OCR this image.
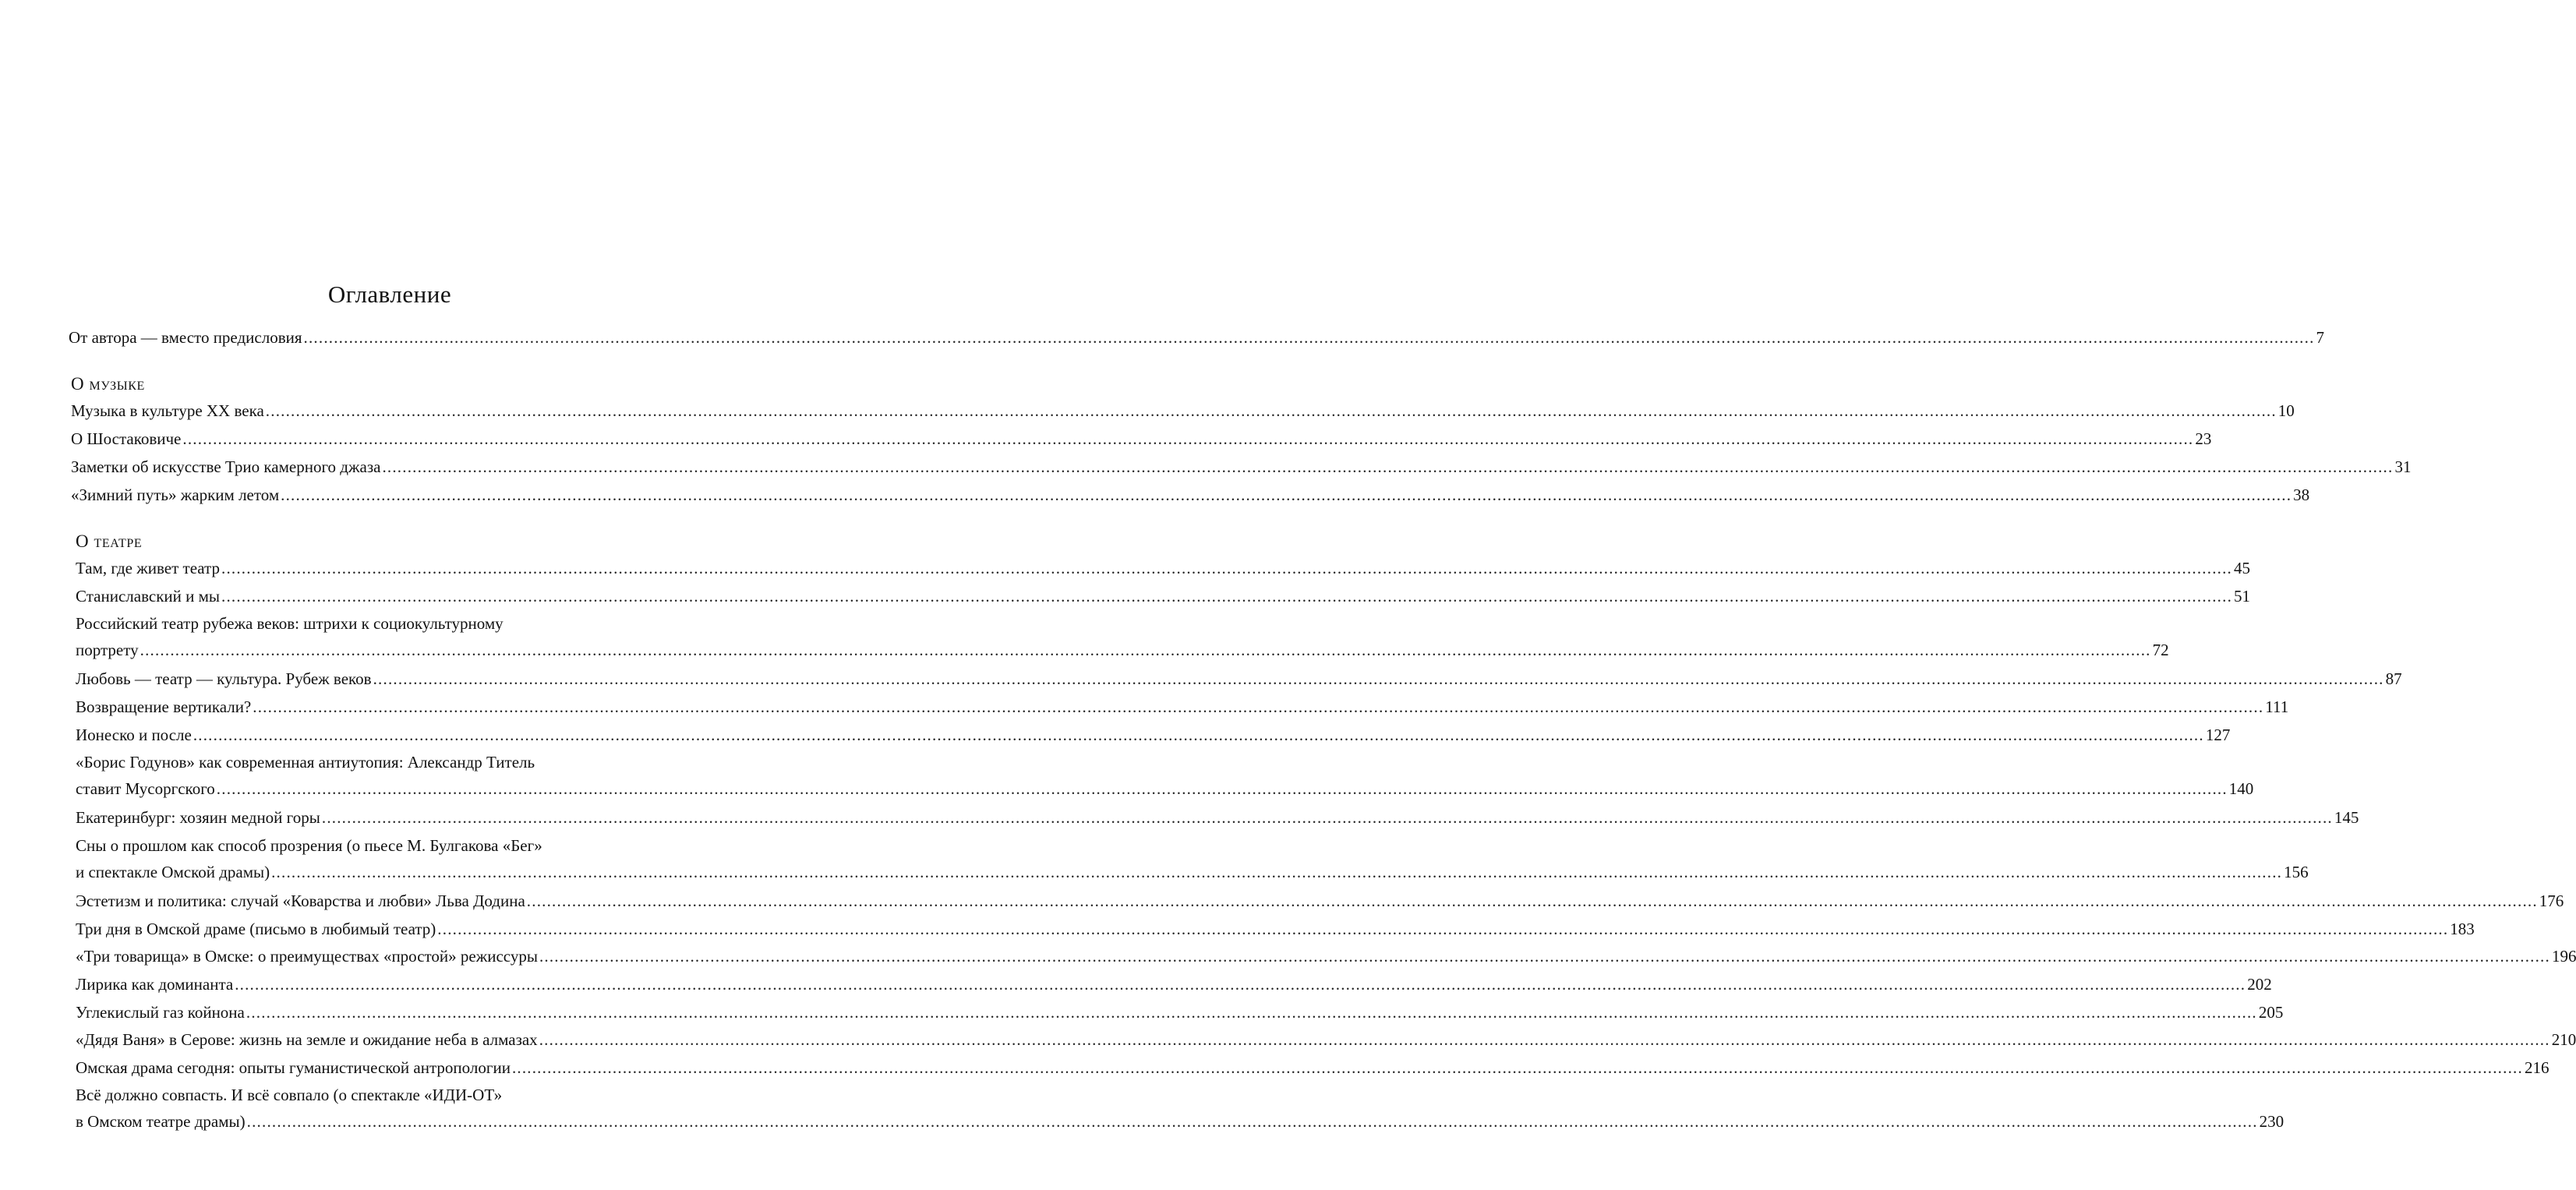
Оглавление
От автора — вместо предисловия ................................................................................................................................................................................................................................................................................................................................................................................................................ 7
О музыке
Музыка в культуре XX века ................................................................................................................................................................................................................................................................................................................................................................................................................ 10
О Шостаковиче ................................................................................................................................................................................................................................................................................................................................................................................................................ 23
Заметки об искусстве Трио камерного джаза ................................................................................................................................................................................................................................................................................................................................................................................................................ 31
«Зимний путь» жарким летом ................................................................................................................................................................................................................................................................................................................................................................................................................ 38
О театре
Там, где живет театр ................................................................................................................................................................................................................................................................................................................................................................................................................ 45
Станиславский и мы ................................................................................................................................................................................................................................................................................................................................................................................................................ 51
Российский театр рубежа веков: штрихи к социокультурному
портрету ................................................................................................................................................................................................................................................................................................................................................................................................................ 72
Любовь — театр — культура. Рубеж веков ................................................................................................................................................................................................................................................................................................................................................................................................................ 87
Возвращение вертикали? ................................................................................................................................................................................................................................................................................................................................................................................................................ 111
Ионеско и после ................................................................................................................................................................................................................................................................................................................................................................................................................ 127
«Борис Годунов» как современная антиутопия: Александр Титель
ставит Мусоргского ................................................................................................................................................................................................................................................................................................................................................................................................................ 140
Екатеринбург: хозяин медной горы ................................................................................................................................................................................................................................................................................................................................................................................................................ 145
Сны о прошлом как способ прозрения (о пьесе М. Булгакова «Бег»
и спектакле Омской драмы) ................................................................................................................................................................................................................................................................................................................................................................................................................ 156
Эстетизм и политика: случай «Коварства и любви» Льва Додина ................................................................................................................................................................................................................................................................................................................................................................................................................ 176
Три дня в Омской драме (письмо в любимый театр) ................................................................................................................................................................................................................................................................................................................................................................................................................ 183
«Три товарища» в Омске: о преимуществах «простой» режиссуры ................................................................................................................................................................................................................................................................................................................................................................................................................ 196
Лирика как доминанта ................................................................................................................................................................................................................................................................................................................................................................................................................ 202
Углекислый газ койнона ................................................................................................................................................................................................................................................................................................................................................................................................................ 205
«Дядя Ваня» в Серове: жизнь на земле и ожидание неба в алмазах ................................................................................................................................................................................................................................................................................................................................................................................................................ 210
Омская драма сегодня: опыты гуманистической антропологии ................................................................................................................................................................................................................................................................................................................................................................................................................ 216
Всё должно совпасть. И всё совпало (о спектакле «ИДИ-ОТ»
в Омском театре драмы) ................................................................................................................................................................................................................................................................................................................................................................................................................ 230
